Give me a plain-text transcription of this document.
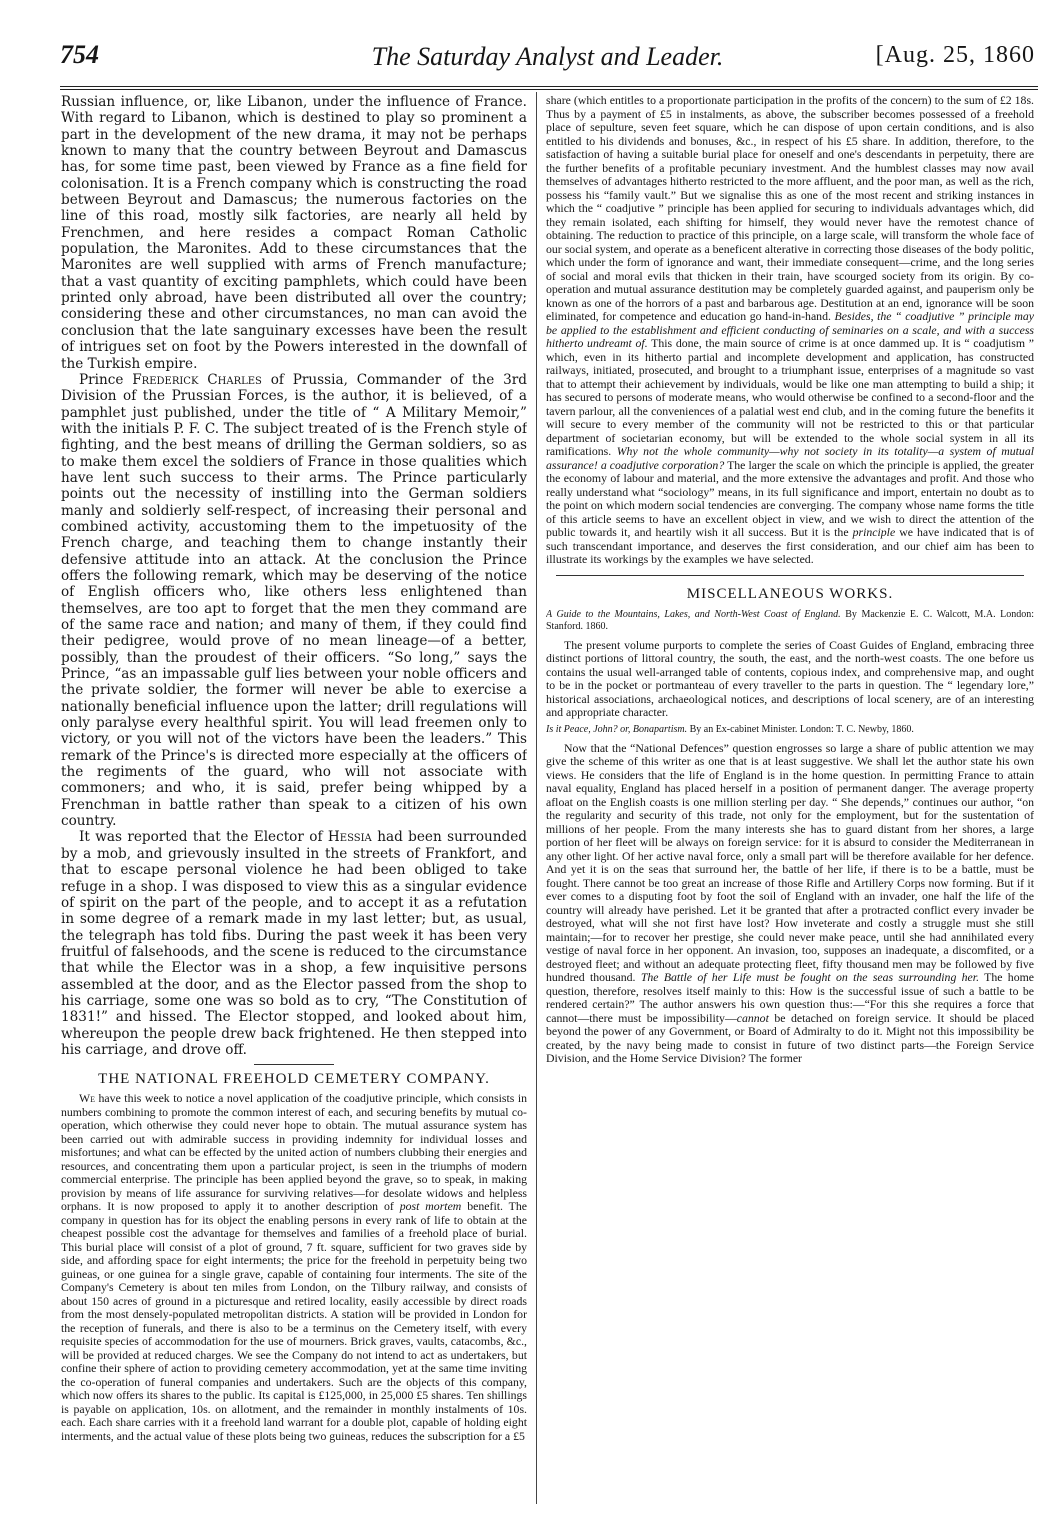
754	The Saturday Analyst and Leader.	[Aug. 25, 1860

Russian influence, or, like Libanon, under the influence of France. With regard to Libanon, which is destined to play so prominent a part in the development of the new drama, it may not be perhaps known to many that the country between Beyrout and Damascus has, for some time past, been viewed by France as a fine field for colonisation. It is a French company which is constructing the road between Beyrout and Damascus; the numerous factories on the line of this road, mostly silk factories, are nearly all held by Frenchmen, and here resides a compact Roman Catholic population, the Maronites. Add to these circumstances that the Maronites are well supplied with arms of French manufacture; that a vast quantity of exciting pamphlets, which could have been printed only abroad, have been distributed all over the country; considering these and other circumstances, no man can avoid the conclusion that the late sanguinary excesses have been the result of intrigues set on foot by the Powers interested in the downfall of the Turkish empire.

Prince Frederick Charles of Prussia, Commander of the 3rd Division of the Prussian Forces, is the author, it is believed, of a pamphlet just published, under the title of “ A Military Memoir,” with the initials P. F. C. The subject treated of is the French style of fighting, and the best means of drilling the German soldiers, so as to make them excel the soldiers of France in those qualities which have lent such success to their arms. The Prince particularly points out the necessity of instilling into the German soldiers manly and soldierly self-respect, of increasing their personal and combined activity, accustoming them to the impetuosity of the French charge, and teaching them to change instantly their defensive attitude into an attack. At the conclusion the Prince offers the following remark, which may be deserving of the notice of English officers who, like others less enlightened than themselves, are too apt to forget that the men they command are of the same race and nation; and many of them, if they could find their pedigree, would prove of no mean lineage—of a better, possibly, than the proudest of their officers. “So long,” says the Prince, “as an impassable gulf lies between your noble officers and the private soldier, the former will never be able to exercise a nationally beneficial influence upon the latter; drill regulations will only paralyse every healthful spirit. You will lead freemen only to victory, or you will not of the victors have been the leaders.” This remark of the Prince's is directed more especially at the officers of the regiments of the guard, who will not associate with commoners; and who, it is said, prefer being whipped by a Frenchman in battle rather than speak to a citizen of his own country.

It was reported that the Elector of Hessia had been surrounded by a mob, and grievously insulted in the streets of Frankfort, and that to escape personal violence he had been obliged to take refuge in a shop. I was disposed to view this as a singular evidence of spirit on the part of the people, and to accept it as a refutation in some degree of a remark made in my last letter; but, as usual, the telegraph has told fibs. During the past week it has been very fruitful of falsehoods, and the scene is reduced to the circumstance that while the Elector was in a shop, a few inquisitive persons assembled at the door, and as the Elector passed from the shop to his carriage, some one was so bold as to cry, “The Constitution of 1831!” and hissed. The Elector stopped, and looked about him, whereupon the people drew back frightened. He then stepped into his carriage, and drove off.

THE NATIONAL FREEHOLD CEMETERY COMPANY.

We have this week to notice a novel application of the coadjutive principle, which consists in numbers combining to promote the common interest of each, and securing benefits by mutual co-operation, which otherwise they could never hope to obtain. The mutual assurance system has been carried out with admirable success in providing indemnity for individual losses and misfortunes; and what can be effected by the united action of numbers clubbing their energies and resources, and concentrating them upon a particular project, is seen in the triumphs of modern commercial enterprise. The principle has been applied beyond the grave, so to speak, in making provision by means of life assurance for surviving relatives—for desolate widows and helpless orphans. It is now proposed to apply it to another description of post mortem benefit. The company in question has for its object the enabling persons in every rank of life to obtain at the cheapest possible cost the advantage for themselves and families of a freehold place of burial. This burial place will consist of a plot of ground, 7 ft. square, sufficient for two graves side by side, and affording space for eight interments; the price for the freehold in perpetuity being two guineas, or one guinea for a single grave, capable of containing four interments. The site of the Company's Cemetery is about ten miles from London, on the Tilbury railway, and consists of about 150 acres of ground in a picturesque and retired locality, easily accessible by direct roads from the most densely-populated metropolitan districts. A station will be provided in London for the reception of funerals, and there is also to be a terminus on the Cemetery itself, with every requisite species of accommodation for the use of mourners. Brick graves, vaults, catacombs, &c., will be provided at reduced charges. We see the Company do not intend to act as undertakers, but confine their sphere of action to providing cemetery accommodation, yet at the same time inviting the co-operation of funeral companies and undertakers. Such are the objects of this company, which now offers its shares to the public. Its capital is £125,000, in 25,000 £5 shares. Ten shillings is payable on application, 10s. on allotment, and the remainder in monthly instalments of 10s. each. Each share carries with it a freehold land warrant for a double plot, capable of holding eight interments, and the actual value of these plots being two guineas, reduces the subscription for a £5

share (which entitles to a proportionate participation in the profits of the concern) to the sum of £2 18s. Thus by a payment of £5 in instalments, as above, the subscriber becomes possessed of a freehold place of sepulture, seven feet square, which he can dispose of upon certain conditions, and is also entitled to his dividends and bonuses, &c., in respect of his £5 share. In addition, therefore, to the satisfaction of having a suitable burial place for oneself and one's descendants in perpetuity, there are the further benefits of a profitable pecuniary investment. And the humblest classes may now avail themselves of advantages hitherto restricted to the more affluent, and the poor man, as well as the rich, possess his “family vault.” But we signalise this as one of the most recent and striking instances in which the “ coadjutive ” principle has been applied for securing to individuals advantages which, did they remain isolated, each shifting for himself, they would never have the remotest chance of obtaining. The reduction to practice of this principle, on a large scale, will transform the whole face of our social system, and operate as a beneficent alterative in correcting those diseases of the body politic, which under the form of ignorance and want, their immediate consequent—crime, and the long series of social and moral evils that thicken in their train, have scourged society from its origin. By co-operation and mutual assurance destitution may be completely guarded against, and pauperism only be known as one of the horrors of a past and barbarous age. Destitution at an end, ignorance will be soon eliminated, for competence and education go hand-in-hand. Besides, the “ coadjutive ” principle may be applied to the establishment and efficient conducting of seminaries on a scale, and with a success hitherto undreamt of. This done, the main source of crime is at once dammed up. It is “ coadjutism ” which, even in its hitherto partial and incomplete development and application, has constructed railways, initiated, prosecuted, and brought to a triumphant issue, enterprises of a magnitude so vast that to attempt their achievement by individuals, would be like one man attempting to build a ship; it has secured to persons of moderate means, who would otherwise be confined to a second-floor and the tavern parlour, all the conveniences of a palatial west end club, and in the coming future the benefits it will secure to every member of the community will not be restricted to this or that particular department of societarian economy, but will be extended to the whole social system in all its ramifications. Why not the whole community—why not society in its totality—a system of mutual assurance! a coadjutive corporation? The larger the scale on which the principle is applied, the greater the economy of labour and material, and the more extensive the advantages and profit. And those who really understand what “sociology” means, in its full significance and import, entertain no doubt as to the point on which modern social tendencies are converging. The company whose name forms the title of this article seems to have an excellent object in view, and we wish to direct the attention of the public towards it, and heartily wish it all success. But it is the principle we have indicated that is of such transcendant importance, and deserves the first consideration, and our chief aim has been to illustrate its workings by the examples we have selected.

MISCELLANEOUS WORKS.
A Guide to the Mountains, Lakes, and North-West Coast of England. By Mackenzie E. C. Walcott, M.A. London: Stanford. 1860.

The present volume purports to complete the series of Coast Guides of England, embracing three distinct portions of littoral country, the south, the east, and the north-west coasts. The one before us contains the usual well-arranged table of contents, copious index, and comprehensive map, and ought to be in the pocket or portmanteau of every traveller to the parts in question. The “ legendary lore,” historical associations, archaeological notices, and descriptions of local scenery, are of an interesting and appropriate character.

Is it Peace, John? or, Bonapartism. By an Ex-cabinet Minister. London: T. C. Newby, 1860.

Now that the “National Defences” question engrosses so large a share of public attention we may give the scheme of this writer as one that is at least suggestive. We shall let the author state his own views. He considers that the life of England is in the home question. In permitting France to attain naval equality, England has placed herself in a position of permanent danger. The average property afloat on the English coasts is one million sterling per day. “ She depends,” continues our author, “on the regularity and security of this trade, not only for the employment, but for the sustentation of millions of her people. From the many interests she has to guard distant from her shores, a large portion of her fleet will be always on foreign service: for it is absurd to consider the Mediterranean in any other light. Of her active naval force, only a small part will be therefore available for her defence. And yet it is on the seas that surround her, the battle of her life, if there is to be a battle, must be fought. There cannot be too great an increase of those Rifle and Artillery Corps now forming. But if it ever comes to a disputing foot by foot the soil of England with an invader, one half the life of the country will already have perished. Let it be granted that after a protracted conflict every invader be destroyed, what will she not first have lost? How inveterate and costly a struggle must she still maintain;—for to recover her prestige, she could never make peace, until she had annihilated every vestige of naval force in her opponent. An invasion, too, supposes an inadequate, a discomfited, or a destroyed fleet; and without an adequate protecting fleet, fifty thousand men may be followed by five hundred thousand. The Battle of her Life must be fought on the seas surrounding her. The home question, therefore, resolves itself mainly to this: How is the successful issue of such a battle to be rendered certain?” The author answers his own question thus:—“For this she requires a force that cannot—there must be impossibility—cannot be detached on foreign service. It should be placed beyond the power of any Government, or Board of Admiralty to do it. Might not this impossibility be created, by the navy being made to consist in future of two distinct parts—the Foreign Service Division, and the Home Service Division? The former
